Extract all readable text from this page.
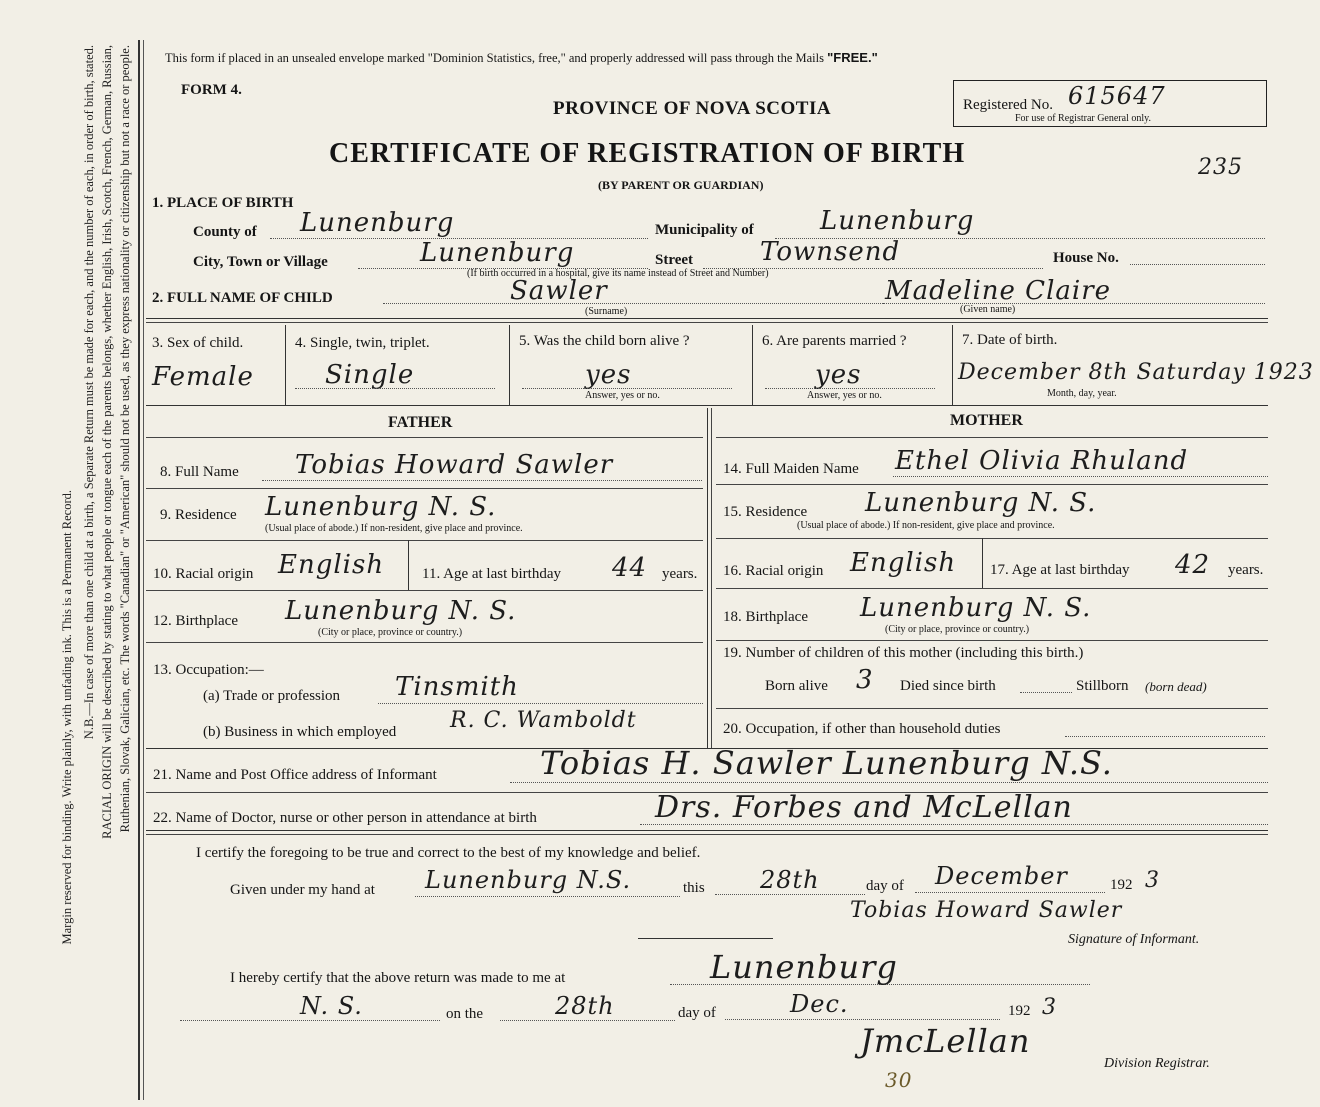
Margin reserved for binding. Write plainly, with unfading ink. This is a Permanent Record. N.B.—In case of more than one child at a birth, a Separate Return must be made for each, and the number of each, in order of birth, stated. RACIAL ORIGIN will be described by stating to what people or tongue each of the parents belongs, whether English, Irish, Scotch, French, German, Russian, Ruthenian, Slovak, Galician, etc. The words "Canadian" or "American" should not be used, as they express nationality or citizenship but not a race or people.	This form if placed in an unsealed envelope marked "Dominion Statistics, free," and properly addressed will pass through the Mails "FREE."
FORM 4.
PROVINCE OF NOVA SCOTIA	Registered No. 615647
For use of Registrar General only.
235
CERTIFICATE OF REGISTRATION OF BIRTH
(BY PARENT OR GUARDIAN)
1. PLACE OF BIRTH
County of Lunenburg	Municipality of	Lunenburg
City, Town or Village	Lunenburg	Street	Townsend	House No.
(If birth occurred in a hospital, give its name instead of Street and Number)
2. FULL NAME OF CHILD	Sawler	Madeline Claire
(Surname)	(Given name)
3. Sex of child.
Female
4. Single, twin, triplet.
Single
5. Was the child born alive ?
yes
Answer, yes or no.
6. Are parents married ?
yes
Answer, yes or no.
7. Date of birth.
December 8th Saturday 1923
Month, day, year.
FATHER	MOTHER
8. Full Name Tobias Howard Sawler
9. Residence Lunenburg N. S.
(Usual place of abode.) If non-resident, give place and province.
10. Racial origin English	11. Age at last birthday 44 years.
12. Birthplace Lunenburg N. S.
(City or place, province or country.)
13. Occupation:—
(a) Trade or profession Tinsmith
(b) Business in which employed R. C. Wamboldt
14. Full Maiden Name Ethel Olivia Rhuland
15. Residence Lunenburg N. S.
(Usual place of abode.) If non-resident, give place and province.
16. Racial origin English 17. Age at last birthday 42 years.
18. Birthplace Lunenburg N. S.
(City or place, province or country.)
19. Number of children of this mother (including this birth.)
Born alive 3 Died since birth	Stillborn (born dead)
20. Occupation, if other than household duties
21. Name and Post Office address of Informant	Tobias H. Sawler Lunenburg N.S.
22. Name of Doctor, nurse or other person in attendance at birth	Drs. Forbes and McLellan
I certify the foregoing to be true and correct to the best of my knowledge and belief.
Given under my hand at Lunenburg N.S.	this 28th	day of December	192 3
Tobias Howard Sawler
Signature of Informant.
I hereby certify that the above return was made to me at	Lunenburg
N. S.	on the	28th	day of	Dec.	192 3
JmcLellan
Division Registrar.
30
